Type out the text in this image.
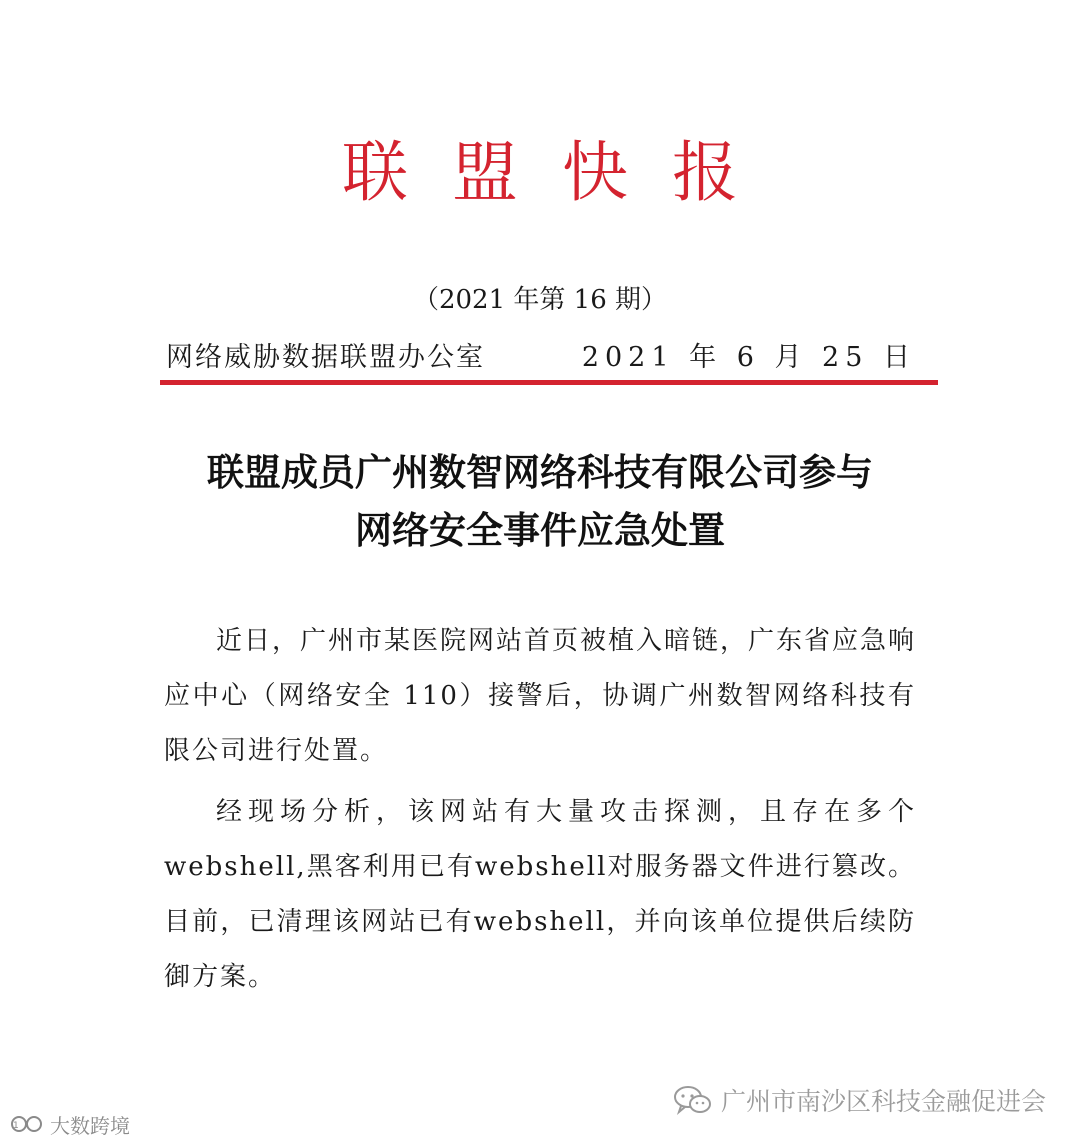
联盟快报
（2021 年第 16 期）
网络威胁数据联盟办公室	2021 年 6 月 25 日
联盟成员广州数智网络科技有限公司参与
网络安全事件应急处置

近日，广州市某医院网站首页被植入暗链，广东省应急响应中心（网络安全 110）接警后，协调广州数智网络科技有限公司进行处置。

经现场分析，该网站有大量攻击探测，且存在多个webshell,黑客利用已有webshell对服务器文件进行篡改。目前，已清理该网站已有webshell，并向该单位提供后续防御方案。

1 大数跨境
广州市南沙区科技金融促进会
